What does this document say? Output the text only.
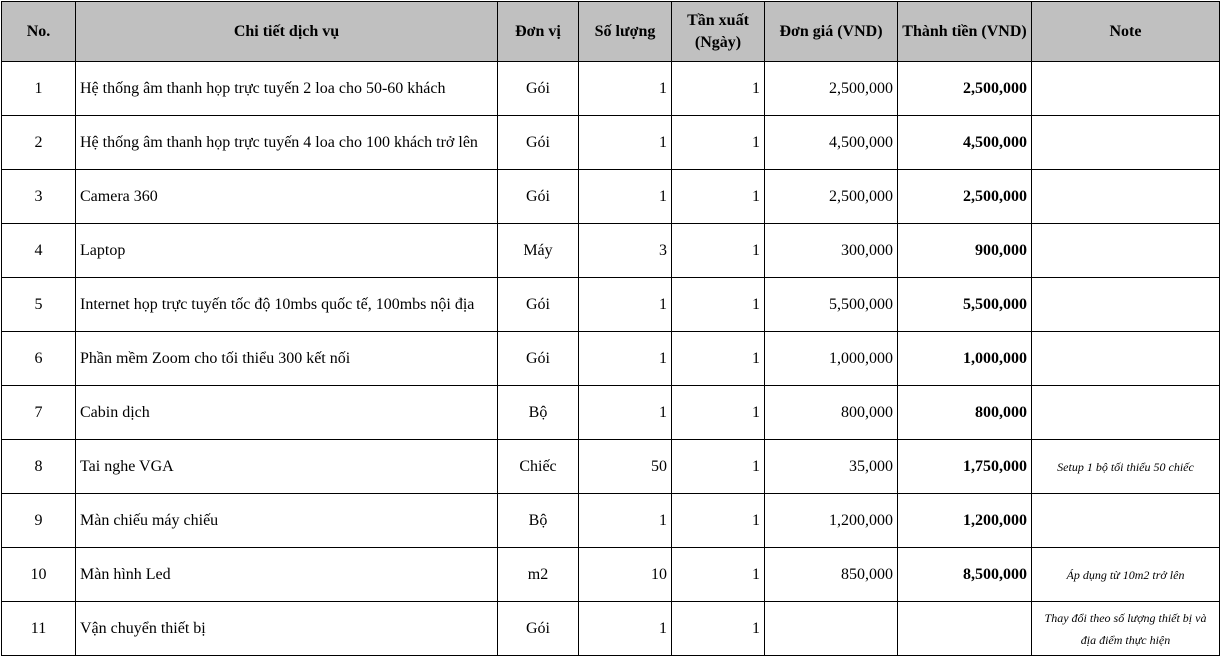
No.	Chi tiết dịch vụ	Đơn vị	Số lượng	Tần xuất (Ngày)	Đơn giá (VND)	Thành tiền (VND)	Note
1	Hệ thống âm thanh họp trực tuyến 2 loa cho 50-60 khách	Gói	1	1	2,500,000	2,500,000	
2	Hệ thống âm thanh họp trực tuyến 4 loa cho 100 khách trở lên	Gói	1	1	4,500,000	4,500,000	
3	Camera 360	Gói	1	1	2,500,000	2,500,000	
4	Laptop	Máy	3	1	300,000	900,000	
5	Internet họp trực tuyến tốc độ 10mbs quốc tế, 100mbs nội địa	Gói	1	1	5,500,000	5,500,000	
6	Phần mềm Zoom cho tối thiểu 300 kết nối	Gói	1	1	1,000,000	1,000,000	
7	Cabin dịch	Bộ	1	1	800,000	800,000	
8	Tai nghe VGA	Chiếc	50	1	35,000	1,750,000	Setup 1 bộ tối thiểu 50 chiếc
9	Màn chiếu máy chiếu	Bộ	1	1	1,200,000	1,200,000	
10	Màn hình Led	m2	10	1	850,000	8,500,000	Áp dụng từ 10m2 trở lên
11	Vận chuyển thiết bị	Gói	1	1			Thay đổi theo số lượng thiết bị và địa điểm thực hiện
